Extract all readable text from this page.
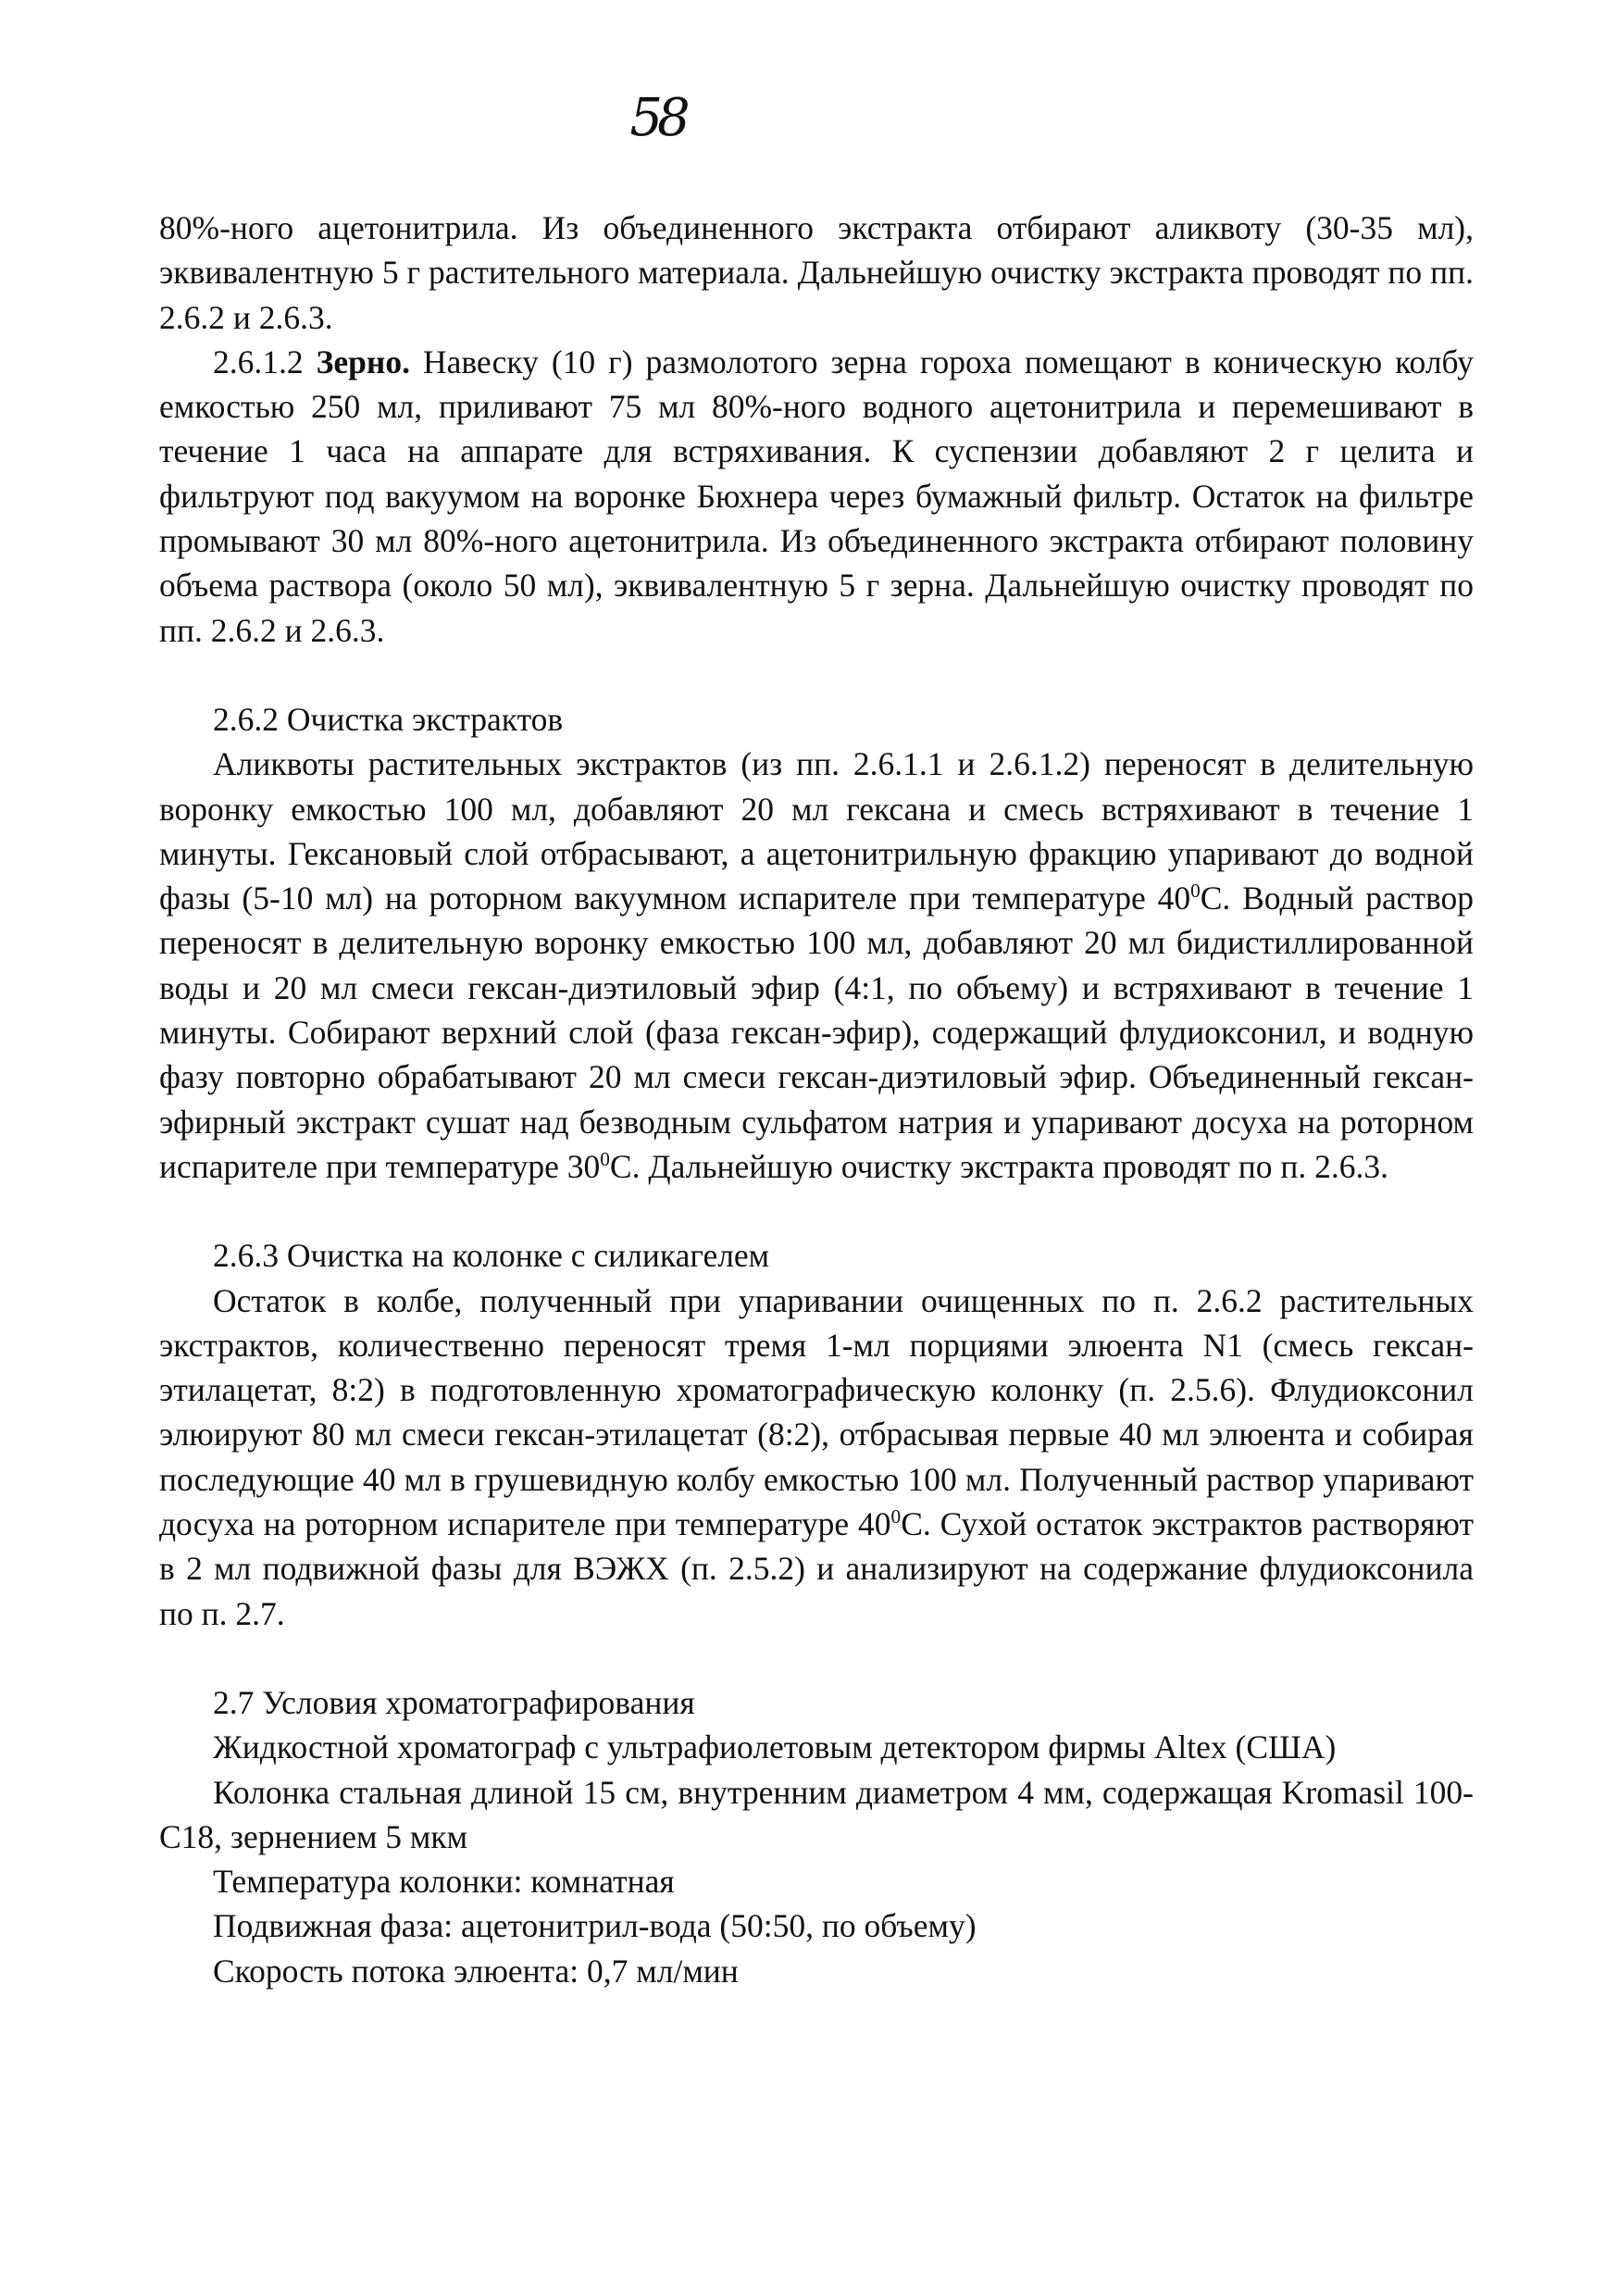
58

80%-ного ацетонитрила. Из объединенного экстракта отбирают аликвоту (30-35 мл), эквивалентную 5 г растительного материала. Дальнейшую очистку экстракта проводят по пп. 2.6.2 и 2.6.3.

2.6.1.2 Зерно. Навеску (10 г) размолотого зерна гороха помещают в коническую колбу емкостью 250 мл, приливают 75 мл 80%-ного водного ацетонитрила и перемешивают в течение 1 часа на аппарате для встряхивания. К суспензии добавляют 2 г целита и фильтруют под вакуумом на воронке Бюхнера через бумажный фильтр. Остаток на фильтре промывают 30 мл 80%-ного ацетонитрила. Из объединенного экстракта отбирают половину объема раствора (около 50 мл), эквивалентную 5 г зерна. Дальнейшую очистку проводят по пп. 2.6.2 и 2.6.3.

2.6.2 Очистка экстрактов

Аликвоты растительных экстрактов (из пп. 2.6.1.1 и 2.6.1.2) переносят в делительную воронку емкостью 100 мл, добавляют 20 мл гексана и смесь встряхивают в течение 1 минуты. Гексановый слой отбрасывают, а ацетонитрильную фракцию упаривают до водной фазы (5-10 мл) на роторном вакуумном испарителе при температуре $40^0С$. Водный раствор переносят в делительную воронку емкостью 100 мл, добавляют 20 мл бидистиллированной воды и 20 мл смеси гексан-диэтиловый эфир (4:1, по объему) и встряхивают в течение 1 минуты. Собирают верхний слой (фаза гексан-эфир), содержащий флудиоксонил, и водную фазу повторно обрабатывают 20 мл смеси гексан-диэтиловый эфир. Объединенный гексан-эфирный экстракт сушат над безводным сульфатом натрия и упаривают досуха на роторном испарителе при температуре $30^0С$. Дальнейшую очистку экстракта проводят по п. 2.6.3.

2.6.3 Очистка на колонке с силикагелем

Остаток в колбе, полученный при упаривании очищенных по п. 2.6.2 растительных экстрактов, количественно переносят тремя 1-мл порциями элюента N1 (смесь гексан-этилацетат, 8:2) в подготовленную хроматографическую колонку (п. 2.5.6). Флудиоксонил элюируют 80 мл смеси гексан-этилацетат (8:2), отбрасывая первые 40 мл элюента и собирая последующие 40 мл в грушевидную колбу емкостью 100 мл. Полученный раствор упаривают досуха на роторном испарителе при температуре $40^0С$. Сухой остаток экстрактов растворяют в 2 мл подвижной фазы для ВЭЖХ (п. 2.5.2) и анализируют на содержание флудиоксонила по п. 2.7.

2.7 Условия хроматографирования

Жидкостной хроматограф с ультрафиолетовым детектором фирмы Altex (США)

Колонка стальная длиной 15 см, внутренним диаметром 4 мм, содержащая Kromasil 100-C18, зернением 5 мкм

Температура колонки: комнатная

Подвижная фаза: ацетонитрил-вода (50:50, по объему)

Скорость потока элюента: 0,7 мл/мин
